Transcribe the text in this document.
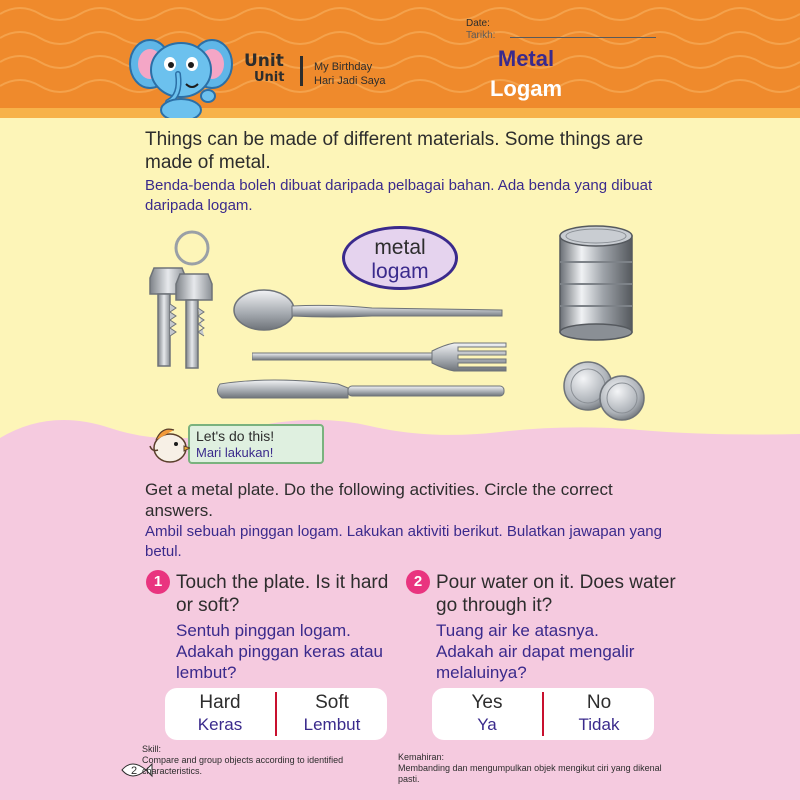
Unit
Unit
My Birthday
Hari Jadi Saya
Date:
Tarikh:
Metal
Logam
Things can be made of different materials. Some things are made of metal.
Benda-benda boleh dibuat daripada pelbagai bahan. Ada benda yang dibuat daripada logam.
metal
logam
Let's do this!
Mari lakukan!
Get a metal plate. Do the following activities. Circle the correct answers.
Ambil sebuah pinggan logam. Lakukan aktiviti berikut. Bulatkan jawapan yang betul.
1 Touch the plate. Is it hard or soft?
Sentuh pinggan logam. Adakah pinggan keras atau lembut?
Hard
Keras
Soft
Lembut
2 Pour water on it. Does water go through it?
Tuang air ke atasnya. Adakah air dapat mengalir melaluinya?
Yes
Ya
No
Tidak
2
Skill:
Compare and group objects according to identified characteristics.
Kemahiran:
Membanding dan mengumpulkan objek mengikut ciri yang dikenal pasti.
